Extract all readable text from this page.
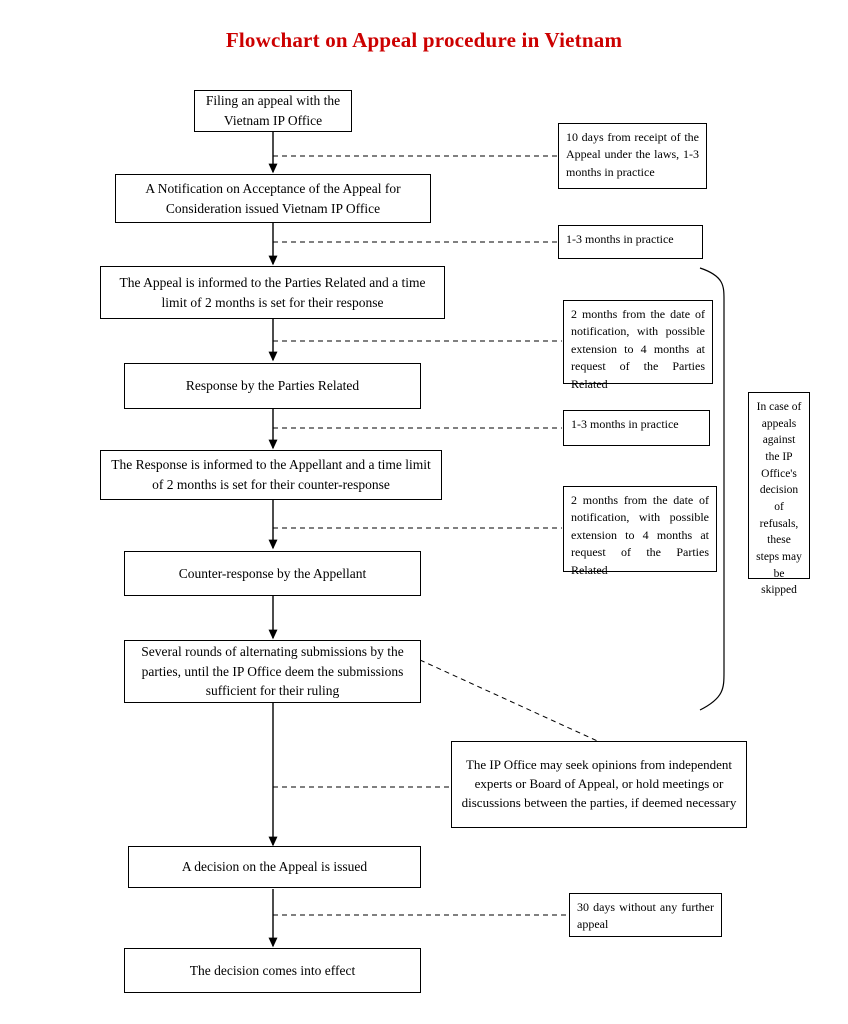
Flowchart on Appeal procedure in Vietnam
Filing an appeal with the Vietnam IP Office
A Notification on Acceptance of the Appeal for Consideration issued Vietnam IP Office
The Appeal is informed to the Parties Related and a time limit of 2 months is set for their response
Response by the Parties Related
The Response is informed to the Appellant and a time limit of 2 months is set for their counter-response
Counter-response by the Appellant
Several rounds of alternating submissions by the parties, until the IP Office deem the submissions sufficient for their ruling
A decision on the Appeal is issued
The decision comes into effect
10 days from receipt of the Appeal under the laws, 1-3 months in practice
1-3 months in practice
2 months from the date of notification, with possible extension to 4 months at request of the Parties Related
1-3 months in practice
2 months from the date of notification, with possible extension to 4 months at request of the Parties Related
In case of appeals against the IP Office's decision of refusals, these steps may be skipped
The IP Office may seek opinions from independent experts or Board of Appeal, or hold meetings or discussions between the parties, if deemed necessary
30 days without any further appeal
